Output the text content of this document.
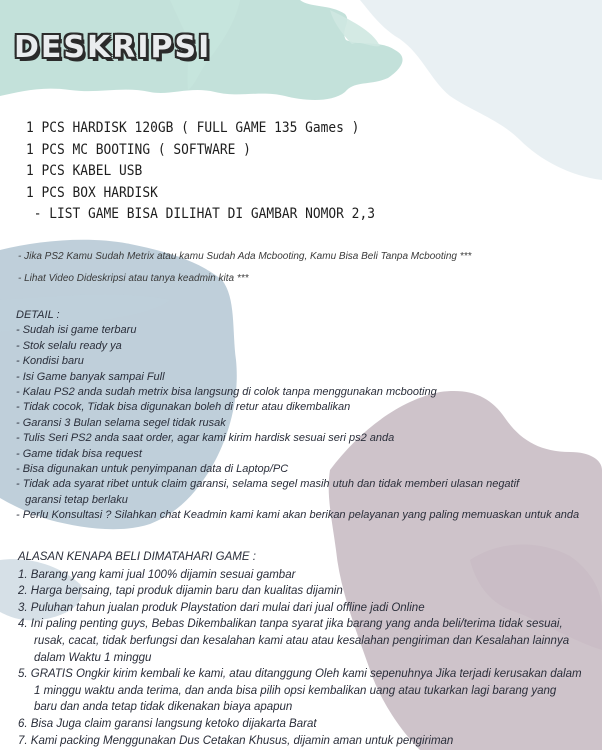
DESKRIPSI
1 PCS HARDISK 120GB ( FULL GAME 135 Games )
1 PCS MC BOOTING ( SOFTWARE )
1 PCS KABEL USB
1 PCS BOX HARDISK
- LIST GAME BISA DILIHAT DI GAMBAR NOMOR 2,3
- Jika PS2 Kamu Sudah Metrix atau kamu Sudah Ada Mcbooting, Kamu Bisa Beli Tanpa Mcbooting ***
- Lihat Video Dideskripsi atau tanya keadmin kita ***
DETAIL :
- Sudah isi game terbaru
- Stok selalu ready ya
- Kondisi baru
- Isi Game banyak sampai Full
- Kalau PS2 anda sudah metrix bisa langsung di colok tanpa menggunakan mcbooting
- Tidak cocok, Tidak bisa digunakan boleh di retur atau dikembalikan
- Garansi 3 Bulan selama segel tidak rusak
- Tulis Seri PS2 anda saat order, agar kami kirim hardisk sesuai seri ps2 anda
- Game tidak bisa request
- Bisa digunakan untuk penyimpanan data di Laptop/PC
- Tidak ada syarat ribet untuk claim garansi, selama segel masih utuh dan tidak memberi ulasan negatif
garansi tetap berlaku
- Perlu Konsultasi ? Silahkan chat Keadmin kami kami akan berikan pelayanan yang paling memuaskan untuk anda
ALASAN KENAPA BELI DIMATAHARI GAME :
1. Barang yang kami jual 100% dijamin sesuai gambar
2. Harga bersaing, tapi produk dijamin baru dan kualitas dijamin
3. Puluhan tahun jualan produk Playstation dari mulai dari jual offline jadi Online
4. Ini paling penting guys, Bebas Dikembalikan tanpa syarat jika barang yang anda beli/terima tidak sesuai,
rusak, cacat, tidak berfungsi dan kesalahan kami atau atau kesalahan pengiriman dan Kesalahan lainnya
dalam Waktu 1 minggu
5. GRATIS Ongkir kirim kembali ke kami, atau ditanggung Oleh kami sepenuhnya Jika terjadi kerusakan dalam
1 minggu waktu anda terima, dan anda bisa pilih opsi kembalikan uang atau tukarkan lagi barang yang
baru dan anda tetap tidak dikenakan biaya apapun
6. Bisa Juga claim garansi langsung ketoko dijakarta Barat
7. Kami packing Menggunakan Dus Cetakan Khusus, dijamin aman untuk pengiriman
